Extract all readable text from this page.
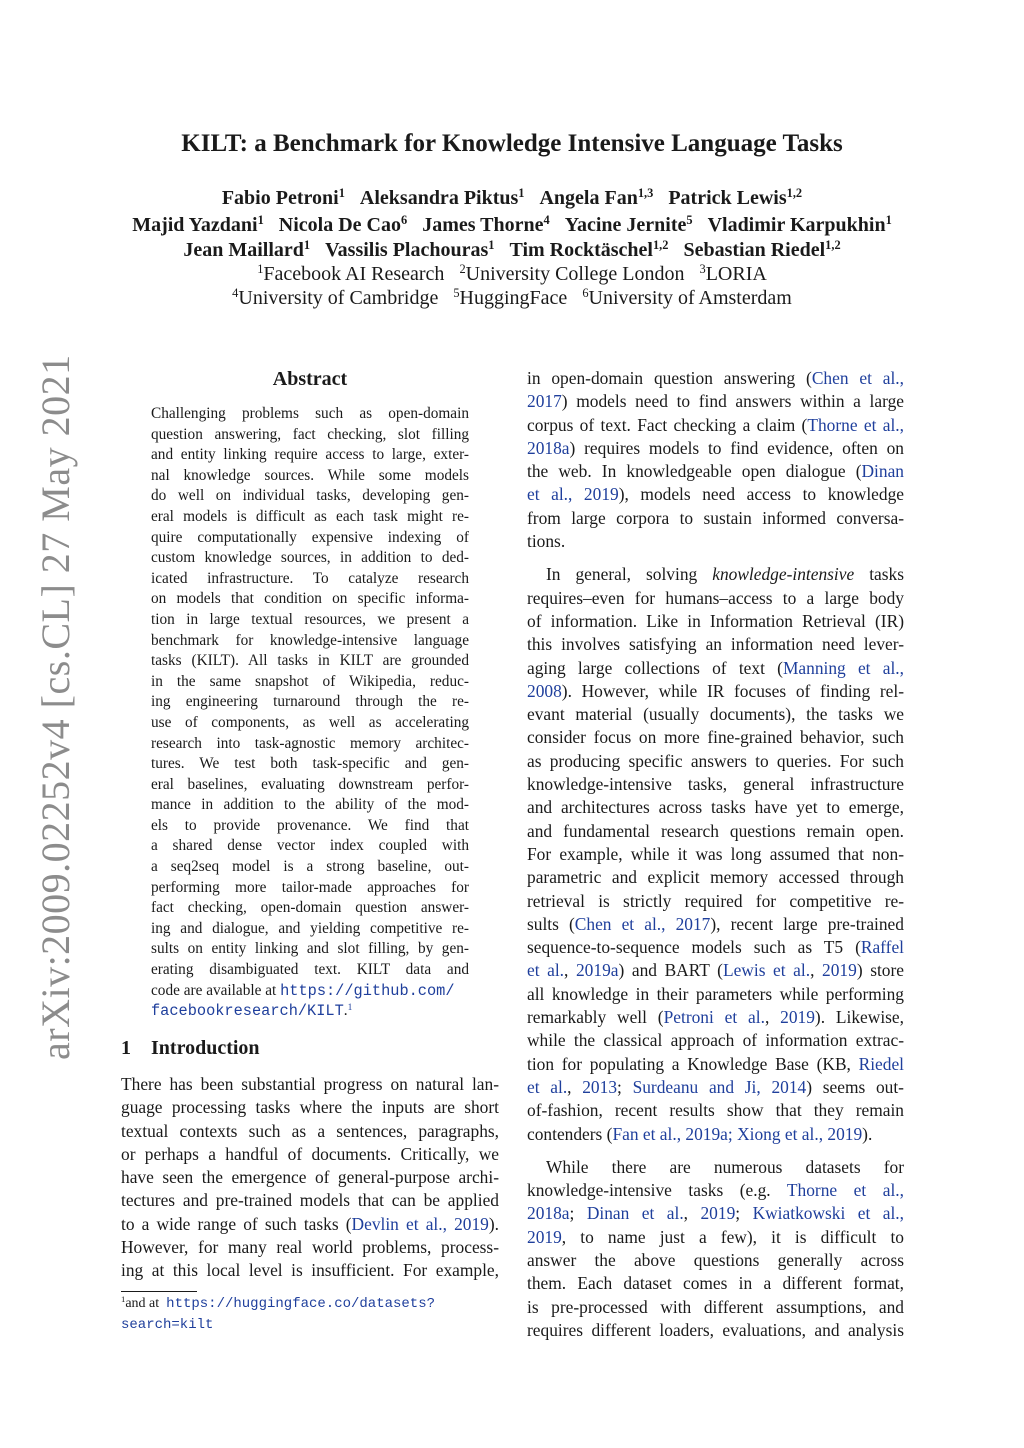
arXiv:2009.02252v4 [cs.CL] 27 May 2021
KILT: a Benchmark for Knowledge Intensive Language Tasks
Fabio Petroni$^1$ Aleksandra Piktus$^1$ Angela Fan$^{1,3}$ Patrick Lewis$^{1,2}$
Majid Yazdani$^1$ Nicola De Cao$^6$ James Thorne$^4$ Yacine Jernite$^5$ Vladimir Karpukhin$^1$
Jean Maillard$^1$ Vassilis Plachouras$^1$ Tim Rocktäschel$^{1,2}$ Sebastian Riedel$^{1,2}$
$^1$Facebook AI Research $^2$University College London $^3$LORIA
$^4$University of Cambridge $^5$HuggingFace $^6$University of Amsterdam
Abstract
Challenging problems such as open-domain
question answering, fact checking, slot filling
and entity linking require access to large, exter-
nal knowledge sources. While some models
do well on individual tasks, developing gen-
eral models is difficult as each task might re-
quire computationally expensive indexing of
custom knowledge sources, in addition to ded-
icated infrastructure. To catalyze research
on models that condition on specific informa-
tion in large textual resources, we present a
benchmark for knowledge-intensive language
tasks (KILT). All tasks in KILT are grounded
in the same snapshot of Wikipedia, reduc-
ing engineering turnaround through the re-
use of components, as well as accelerating
research into task-agnostic memory architec-
tures. We test both task-specific and gen-
eral baselines, evaluating downstream perfor-
mance in addition to the ability of the mod-
els to provide provenance. We find that
a shared dense vector index coupled with
a seq2seq model is a strong baseline, out-
performing more tailor-made approaches for
fact checking, open-domain question answer-
ing and dialogue, and yielding competitive re-
sults on entity linking and slot filling, by gen-
erating disambiguated text. KILT data and
code are available at https://github.com/
facebookresearch/KILT.$^1$
1 Introduction
There has been substantial progress on natural lan-
guage processing tasks where the inputs are short
textual contexts such as a sentences, paragraphs,
or perhaps a handful of documents. Critically, we
have seen the emergence of general-purpose archi-
tectures and pre-trained models that can be applied
to a wide range of such tasks (Devlin et al., 2019).
However, for many real world problems, process-
ing at this local level is insufficient. For example,
in open-domain question answering (Chen et al.,
2017) models need to find answers within a large
corpus of text. Fact checking a claim (Thorne et al.,
2018a) requires models to find evidence, often on
the web. In knowledgeable open dialogue (Dinan
et al., 2019), models need access to knowledge
from large corpora to sustain informed conversa-
tions.
In general, solving knowledge-intensive tasks
requires–even for humans–access to a large body
of information. Like in Information Retrieval (IR)
this involves satisfying an information need lever-
aging large collections of text (Manning et al.,
2008). However, while IR focuses of finding rel-
evant material (usually documents), the tasks we
consider focus on more fine-grained behavior, such
as producing specific answers to queries. For such
knowledge-intensive tasks, general infrastructure
and architectures across tasks have yet to emerge,
and fundamental research questions remain open.
For example, while it was long assumed that non-
parametric and explicit memory accessed through
retrieval is strictly required for competitive re-
sults (Chen et al., 2017), recent large pre-trained
sequence-to-sequence models such as T5 (Raffel
et al., 2019a) and BART (Lewis et al., 2019) store
all knowledge in their parameters while performing
remarkably well (Petroni et al., 2019). Likewise,
while the classical approach of information extrac-
tion for populating a Knowledge Base (KB, Riedel
et al., 2013; Surdeanu and Ji, 2014) seems out-
of-fashion, recent results show that they remain
contenders (Fan et al., 2019a; Xiong et al., 2019).
While there are numerous datasets for
knowledge-intensive tasks (e.g. Thorne et al.,
2018a; Dinan et al., 2019; Kwiatkowski et al.,
2019, to name just a few), it is difficult to
answer the above questions generally across
them. Each dataset comes in a different format,
is pre-processed with different assumptions, and
requires different loaders, evaluations, and analysis
$^1$and at https://huggingface.co/datasets?
search=kilt
